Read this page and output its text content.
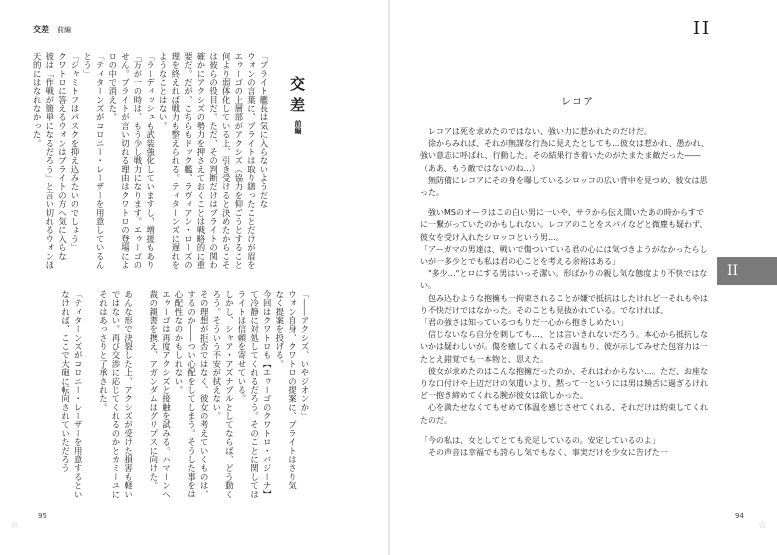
☆	☆
交差 前編
交差
前編
「ブライト艦長は気に入らないようだな
ウォンの言葉に、ブライトは取り繕ったことだけが眉を
エゥーゴの上層部がアクシズ（協力を仰ごうとすること
何より弱体化している上、引き受けると決めたからこそ
は彼らの役目だ。ただ、その判断だけはブライトの関わ
確かにアクシズの勢力を押さえておくことは戦略的に重
要だ。だが、こちらもドック艦、ラヴィアン・ローズの
理を終えれば戦力も整えられる。ティターンズに遅れを
ようなことはない。
「ラーディッシュも武装強化していますし、増援もあり
「万が一の時は、もう少し戦力になります。エゥーゴの
せん。ブライトが言い切れる理由はクワトロの登場によ
ロの中で消えた。
「ティターンズがコロニー・レーザーを用意しているん
とう」
「ジャミトフはパスクを抑え込みたいのでしょう」
クワトロに答えるウォンはブライトの方へ気に入らな
彼は「作戦が簡単になるだろう」と言い切れるウォンほ
天的にはなれなかった。
「――アクシズ、いやジオンか」
ウォン自身、クワトロの提案に、ブライトはさり気
なく提案を投げる。
今回はクワトロも【エゥーゴのクワトロ・バジーナ】
て冷静に対処してくれるだろう。そのことに関しては
ライトは信頼を寄せている。
しかし、シャア・アズナブルとしてならば、どう動く
ろう。そういう不安が拭えない。
その理想が拒否ではなく、彼女の考えていくものは、
するのか――つい心配をしてしまう。そうした事をは
心配性なのかもしれない。
エゥーゴは再度アクシズと接触を試みる。ハマーンへ
裁の親書を携え、アガンダムはグリプスに向けた。
あんな形で決裂した上、アクシズが受けた損害も軽い
ではない。再び交渉に応じてくれるのかとカミーユに
それはあっさりと了承された。
「ティターンズがコロニー・レーザーを用意するとい
なければ、ここで大砲に転向されていただろう
95
II
II
レコア

　レコアは死を求めたのではない、強い力に惹かれたのだけだ。

　徐からみれば、それが無謀な行為に見えたとしても…彼女は惹かれ、愚かれ、強い意志に呼ばれ、行動した。その結果行き着いたのがたまたま敵だった――

（ああ、もう敵ではないのね…）

　無防備にレコアにその身を曝しているシロッコの広い背中を見つめ、彼女は思った。

　強いMSのオーラはこの白い男に一いや、サラから伝え聞いたあの時からすでに一繋がっていたのかもしれない。レコアのことをスパイなどと微塵も疑わず、彼女を受け入れたシロッコという男…。

「アーガマの男達は、戦いで傷ついている君の心には気づきようがなかったらしいが一多少とでも私は君の心ことを考える余裕はある」

　"多少…"とロにする男はいっそ潔い。形ばかりの親し気な態度より不快ではない。

　包み込むような抱擁も一拘束されることが嫌で抵抗はしたけれど一それもやはり不快だけではなかった。そのことも見抜かれている。でなければ、

「君の強さは知っているつもりだ一心から抱きしめたい」

　信じないなら自分を刺しても…、とは言いきれないだろう。本心から抵抗しないかは疑わしいが。傷を癒してくれるその温もり、彼が示してみせた包容力は一たとえ錯覚でも一本物と、思えた。

　彼女が求めたのはこんな抱擁だったのか、それはわからない…。ただ、お座なりな口付けや上辺だけの気遣いより、黙って一というには男は饒舌に過ぎるけれど一抱き締めてくれる腕が彼女は欲しかった。

　心を満たせなくてもせめて体温を感じさせてくれる、それだけは約束してくれたのだ。

「今の私は、女としてとても充足しているの。安定しているのよ」

　その声音は幸福でも誇らし気でもなく、事実だけを少女に告げた一

94
